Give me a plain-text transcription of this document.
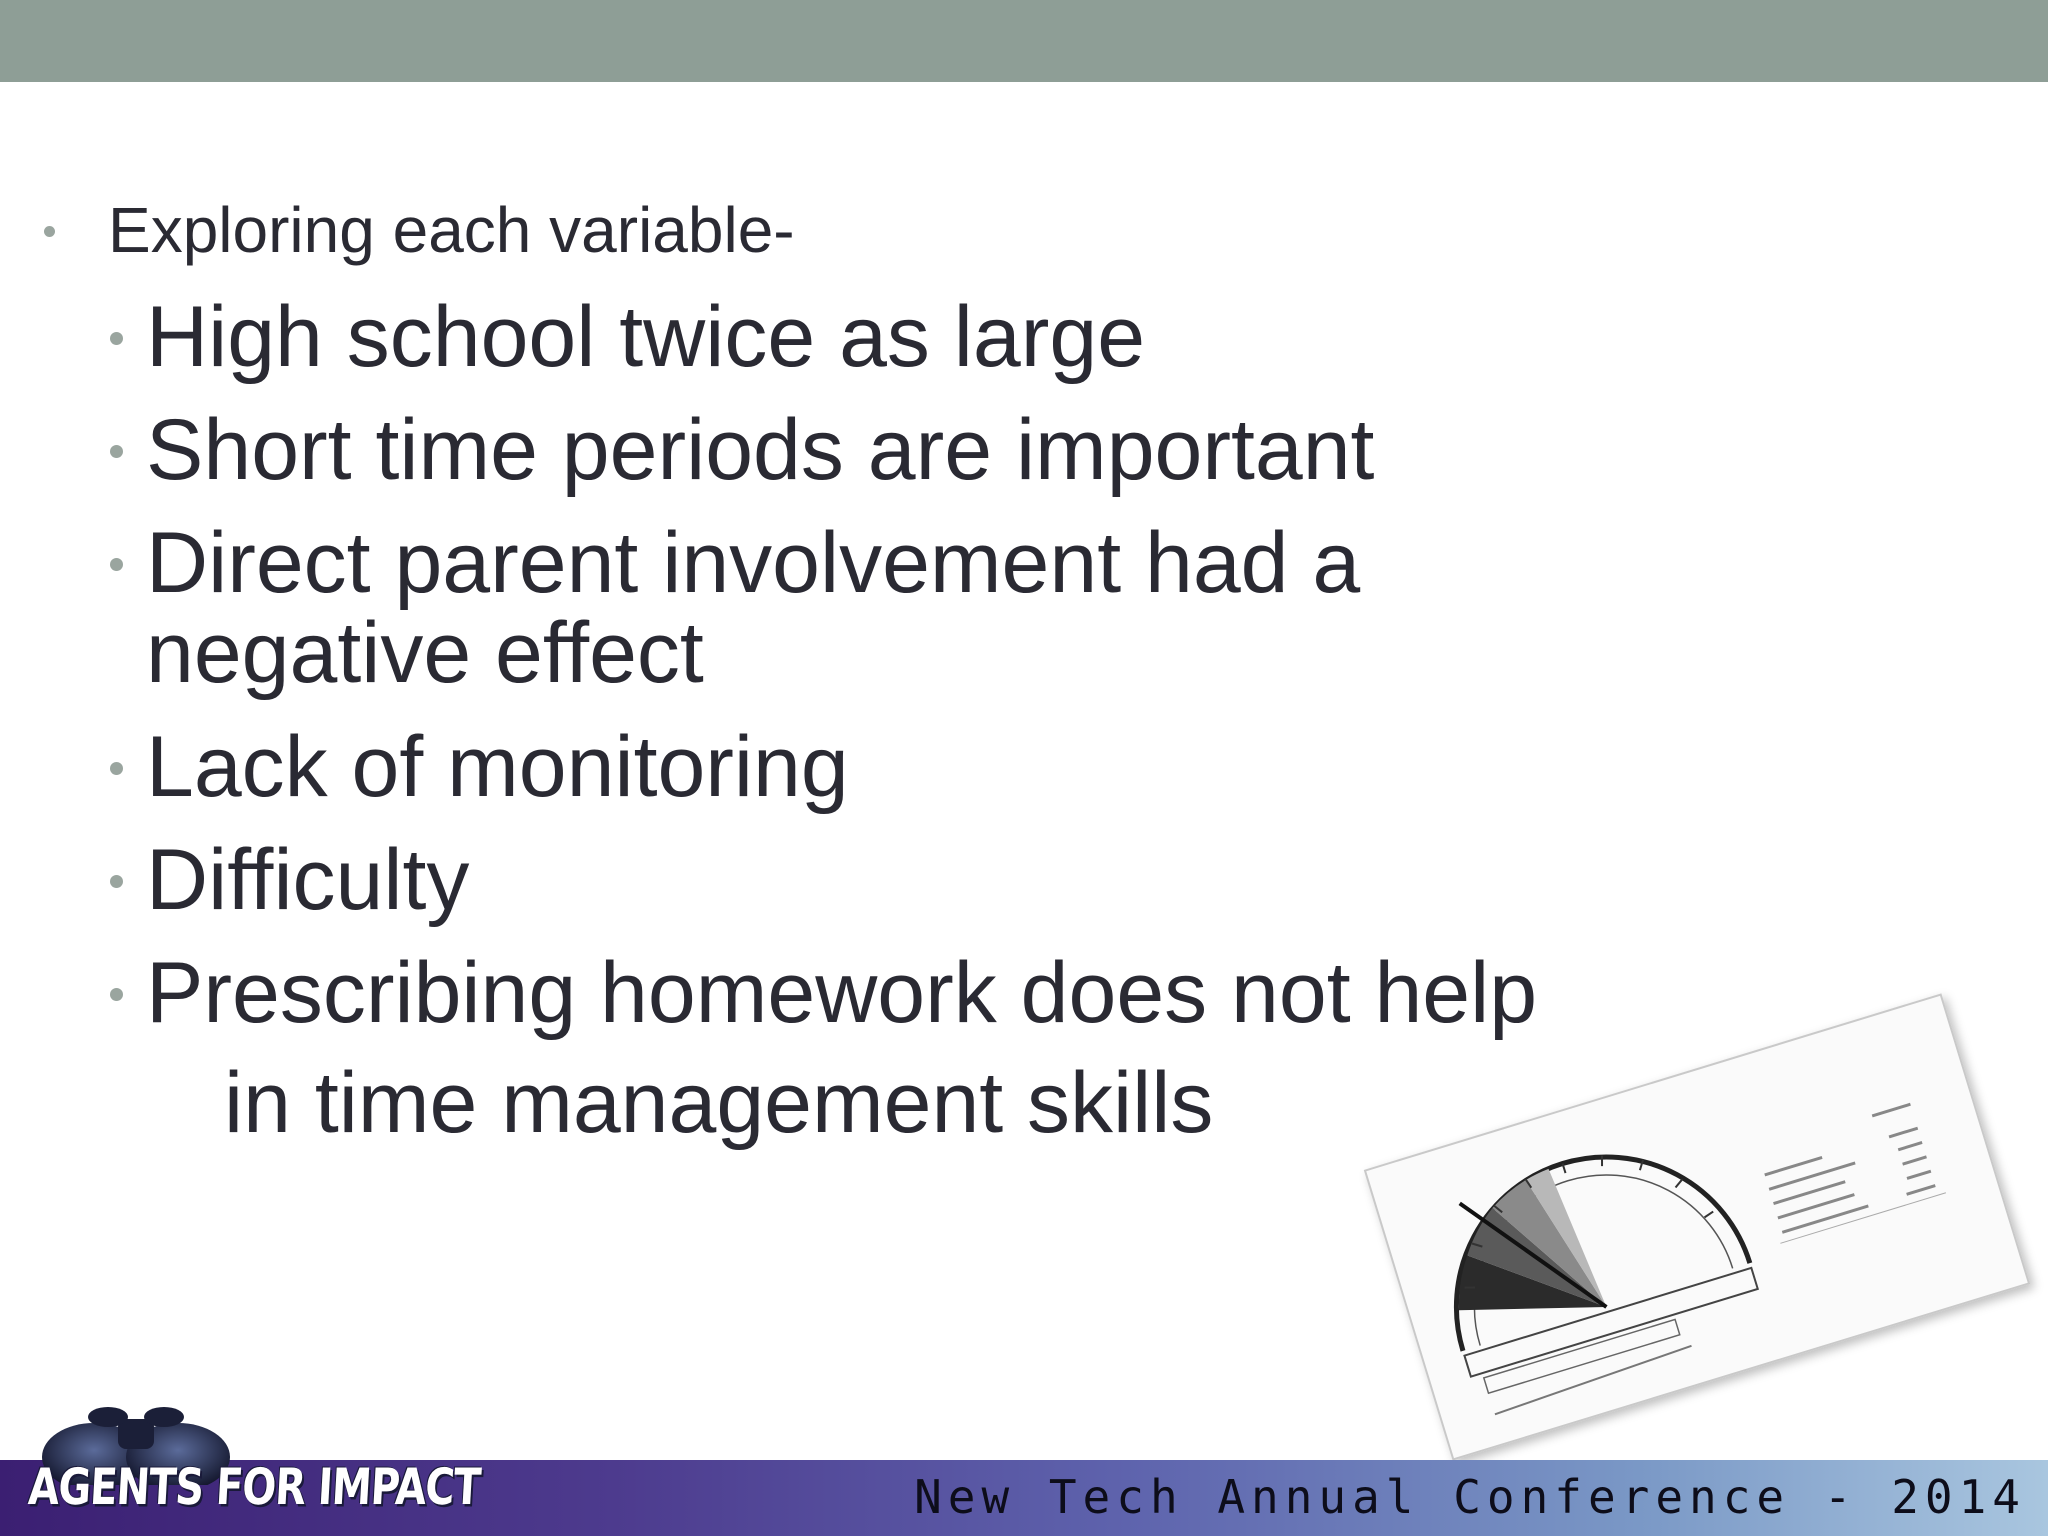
Exploring each variable-
High school twice as large
Short time periods are important
Direct parent involvement had a
negative effect
Lack of monitoring
Difficulty
Prescribing homework does not help
in time management skills
New Tech Annual Conference - 2014
AGENTS FOR IMPACT
